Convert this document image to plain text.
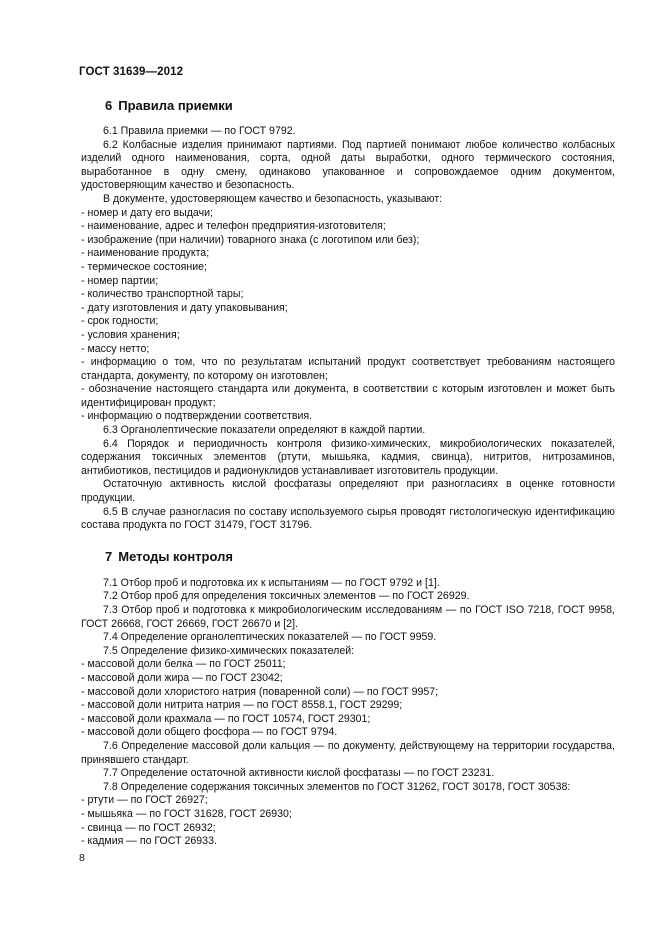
ГОСТ 31639—2012
6 Правила приемки

6.1 Правила приемки — по ГОСТ 9792.

6.2 Колбасные изделия принимают партиями. Под партией понимают любое количество колбасных изделий одного наименования, сорта, одной даты выработки, одного термического состояния, выработанное в одну смену, одинаково упакованное и сопровождаемое одним документом, удостоверяющим качество и безопасность.

В документе, удостоверяющем качество и безопасность, указывают:

- номер и дату его выдачи;

- наименование, адрес и телефон предприятия-изготовителя;

- изображение (при наличии) товарного знака (с логотипом или без);

- наименование продукта;

- термическое состояние;

- номер партии;

- количество транспортной тары;

- дату изготовления и дату упаковывания;

- срок годности;

- условия хранения;

- массу нетто;

- информацию о том, что по результатам испытаний продукт соответствует требованиям настоящего стандарта, документу, по которому он изготовлен;

- обозначение настоящего стандарта или документа, в соответствии с которым изготовлен и может быть идентифицирован продукт;

- информацию о подтверждении соответствия.

6.3 Органолептические показатели определяют в каждой партии.

6.4 Порядок и периодичность контроля физико-химических, микробиологических показателей, содержания токсичных элементов (ртути, мышьяка, кадмия, свинца), нитритов, нитрозаминов, антибиотиков, пестицидов и радионуклидов устанавливает изготовитель продукции.

Остаточную активность кислой фосфатазы определяют при разногласиях в оценке готовности продукции.

6.5 В случае разногласия по составу используемого сырья проводят гистологическую идентификацию состава продукта по ГОСТ 31479, ГОСТ 31796.

7 Методы контроля

7.1 Отбор проб и подготовка их к испытаниям — по ГОСТ 9792 и [1].

7.2 Отбор проб для определения токсичных элементов — по ГОСТ 26929.

7.3 Отбор проб и подготовка к микробиологическим исследованиям — по ГОСТ ISO 7218, ГОСТ 9958, ГОСТ 26668, ГОСТ 26669, ГОСТ 26670 и [2].

7.4 Определение органолептических показателей — по ГОСТ 9959.

7.5 Определение физико-химических показателей:

- массовой доли белка — по ГОСТ 25011;

- массовой доли жира — по ГОСТ 23042;

- массовой доли хлористого натрия (поваренной соли) — по ГОСТ 9957;

- массовой доли нитрита натрия — по ГОСТ 8558.1, ГОСТ 29299;

- массовой доли крахмала — по ГОСТ 10574, ГОСТ 29301;

- массовой доли общего фосфора — по ГОСТ 9794.

7.6 Определение массовой доли кальция — по документу, действующему на территории государства, принявшего стандарт.

7.7 Определение остаточной активности кислой фосфатазы — по ГОСТ 23231.

7.8 Определение содержания токсичных элементов по ГОСТ 31262, ГОСТ 30178, ГОСТ 30538:

- ртути — по ГОСТ 26927;

- мышьяка — по ГОСТ 31628, ГОСТ 26930;

- свинца — по ГОСТ 26932;

- кадмия — по ГОСТ 26933.

8
